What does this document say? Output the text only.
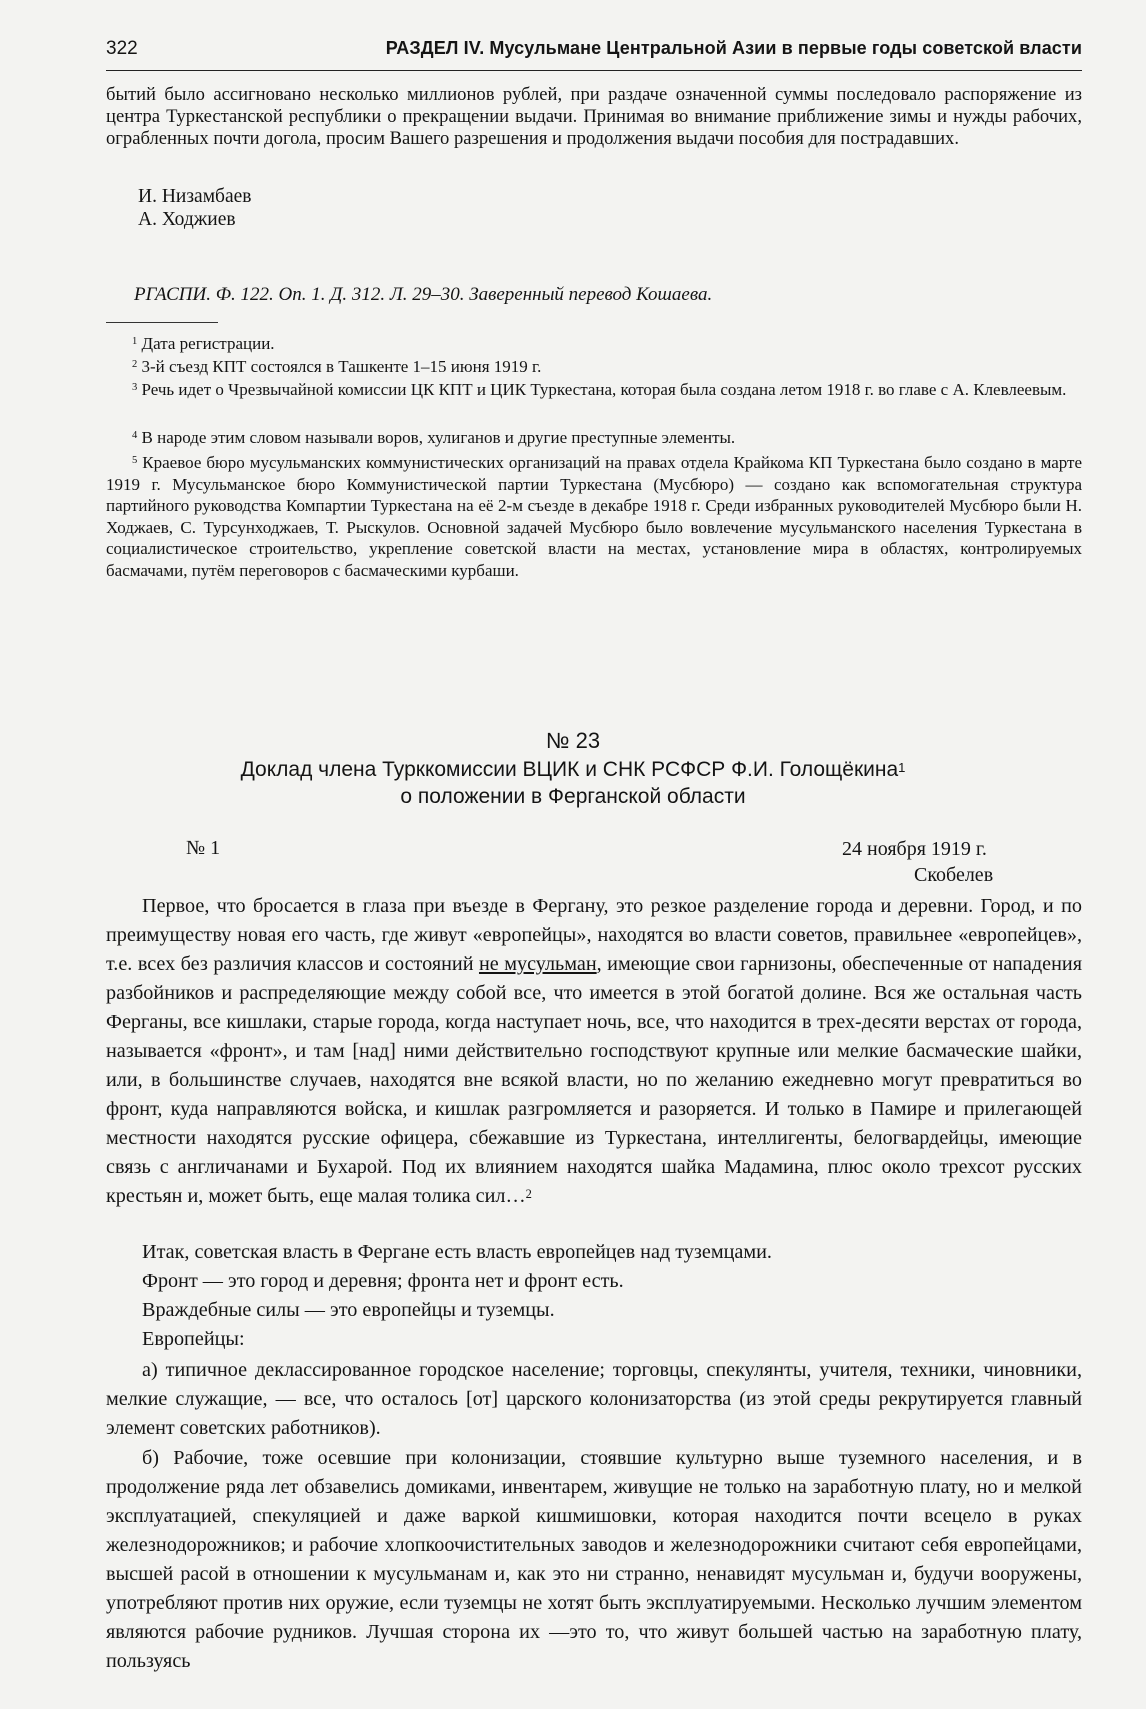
322	РАЗДЕЛ IV. Мусульмане Центральной Азии в первые годы советской власти

бытий было ассигновано несколько миллионов рублей, при раздаче означенной суммы последовало распоряжение из центра Туркестанской республики о прекращении выдачи. Принимая во внимание приближение зимы и нужды рабочих, ограбленных почти догола, просим Вашего разрешения и продолжения выдачи пособия для пострадавших.

И. Низамбаев
А. Ходжиев
РГАСПИ. Ф. 122. Оп. 1. Д. 312. Л. 29–30. Заверенный перевод Кошаева.
$^1$ Дата регистрации.
$^2$ 3-й съезд КПТ состоялся в Ташкенте 1–15 июня 1919 г.
$^3$ Речь идет о Чрезвычайной комиссии ЦК КПТ и ЦИК Туркестана, которая была создана летом 1918 г. во главе с А. Клевлеевым.
$^4$ В народе этим словом называли воров, хулиганов и другие преступные элементы.
$^5$ Краевое бюро мусульманских коммунистических организаций на правах отдела Крайкома КП Туркестана было создано в марте 1919 г. Мусульманское бюро Коммунистической партии Туркестана (Мусбюро) — создано как вспомогательная структура партийного руководства Компартии Туркестана на её 2-м съезде в декабре 1918 г. Среди избранных руководителей Мусбюро были Н. Ходжаев, С. Турсунходжаев, Т. Рыскулов. Основной задачей Мусбюро было вовлечение мусульманского населения Туркестана в социалистическое строительство, укрепление советской власти на местах, установление мира в областях, контролируемых басмачами, путём переговоров с басмаческими курбаши.
№ 23
Доклад члена Турккомиссии ВЦИК и СНК РСФСР Ф.И. Голощёкина$^1$
о положении в Ферганской области
№ 1	24 ноября 1919 г.
Скобелев
Первое, что бросается в глаза при въезде в Фергану, это резкое разделение города и деревни. Город, и по преимуществу новая его часть, где живут «европейцы», находятся во власти советов, правильнее «европейцев», т.е. всех без различия классов и состояний не мусульман, имеющие свои гарнизоны, обеспеченные от нападения разбойников и распределяющие между собой все, что имеется в этой богатой долине. Вся же остальная часть Ферганы, все кишлаки, старые города, когда наступает ночь, все, что находится в трех-десяти верстах от города, называется «фронт», и там [над] ними действительно господствуют крупные или мелкие басмаческие шайки, или, в большинстве случаев, находятся вне всякой власти, но по желанию ежедневно могут превратиться во фронт, куда направляются войска, и кишлак разгромляется и разоряется. И только в Памире и прилегающей местности находятся русские офицера, сбежавшие из Туркестана, интеллигенты, белогвардейцы, имеющие связь с англичанами и Бухарой. Под их влиянием находятся шайка Мадамина, плюс около трехсот русских крестьян и, может быть, еще малая толика сил…$^2$
Итак, советская власть в Фергане есть власть европейцев над туземцами.
Фронт — это город и деревня; фронта нет и фронт есть.
Враждебные силы — это европейцы и туземцы.
Европейцы:
а) типичное деклассированное городское население; торговцы, спекулянты, учителя, техники, чиновники, мелкие служащие, — все, что осталось [от] царского колонизаторства (из этой среды рекрутируется главный элемент советских работников).
б) Рабочие, тоже осевшие при колонизации, стоявшие культурно выше туземного населения, и в продолжение ряда лет обзавелись домиками, инвентарем, живущие не только на заработную плату, но и мелкой эксплуатацией, спекуляцией и даже варкой кишмишовки, которая находится почти всецело в руках железнодорожников; и рабочие хлопкоочистительных заводов и железнодорожники считают себя европейцами, высшей расой в отношении к мусульманам и, как это ни странно, ненавидят мусульман и, будучи вооружены, употребляют против них оружие, если туземцы не хотят быть эксплуатируемыми. Несколько лучшим элементом являются рабочие рудников. Лучшая сторона их —это то, что живут большей частью на заработную плату, пользуясь
